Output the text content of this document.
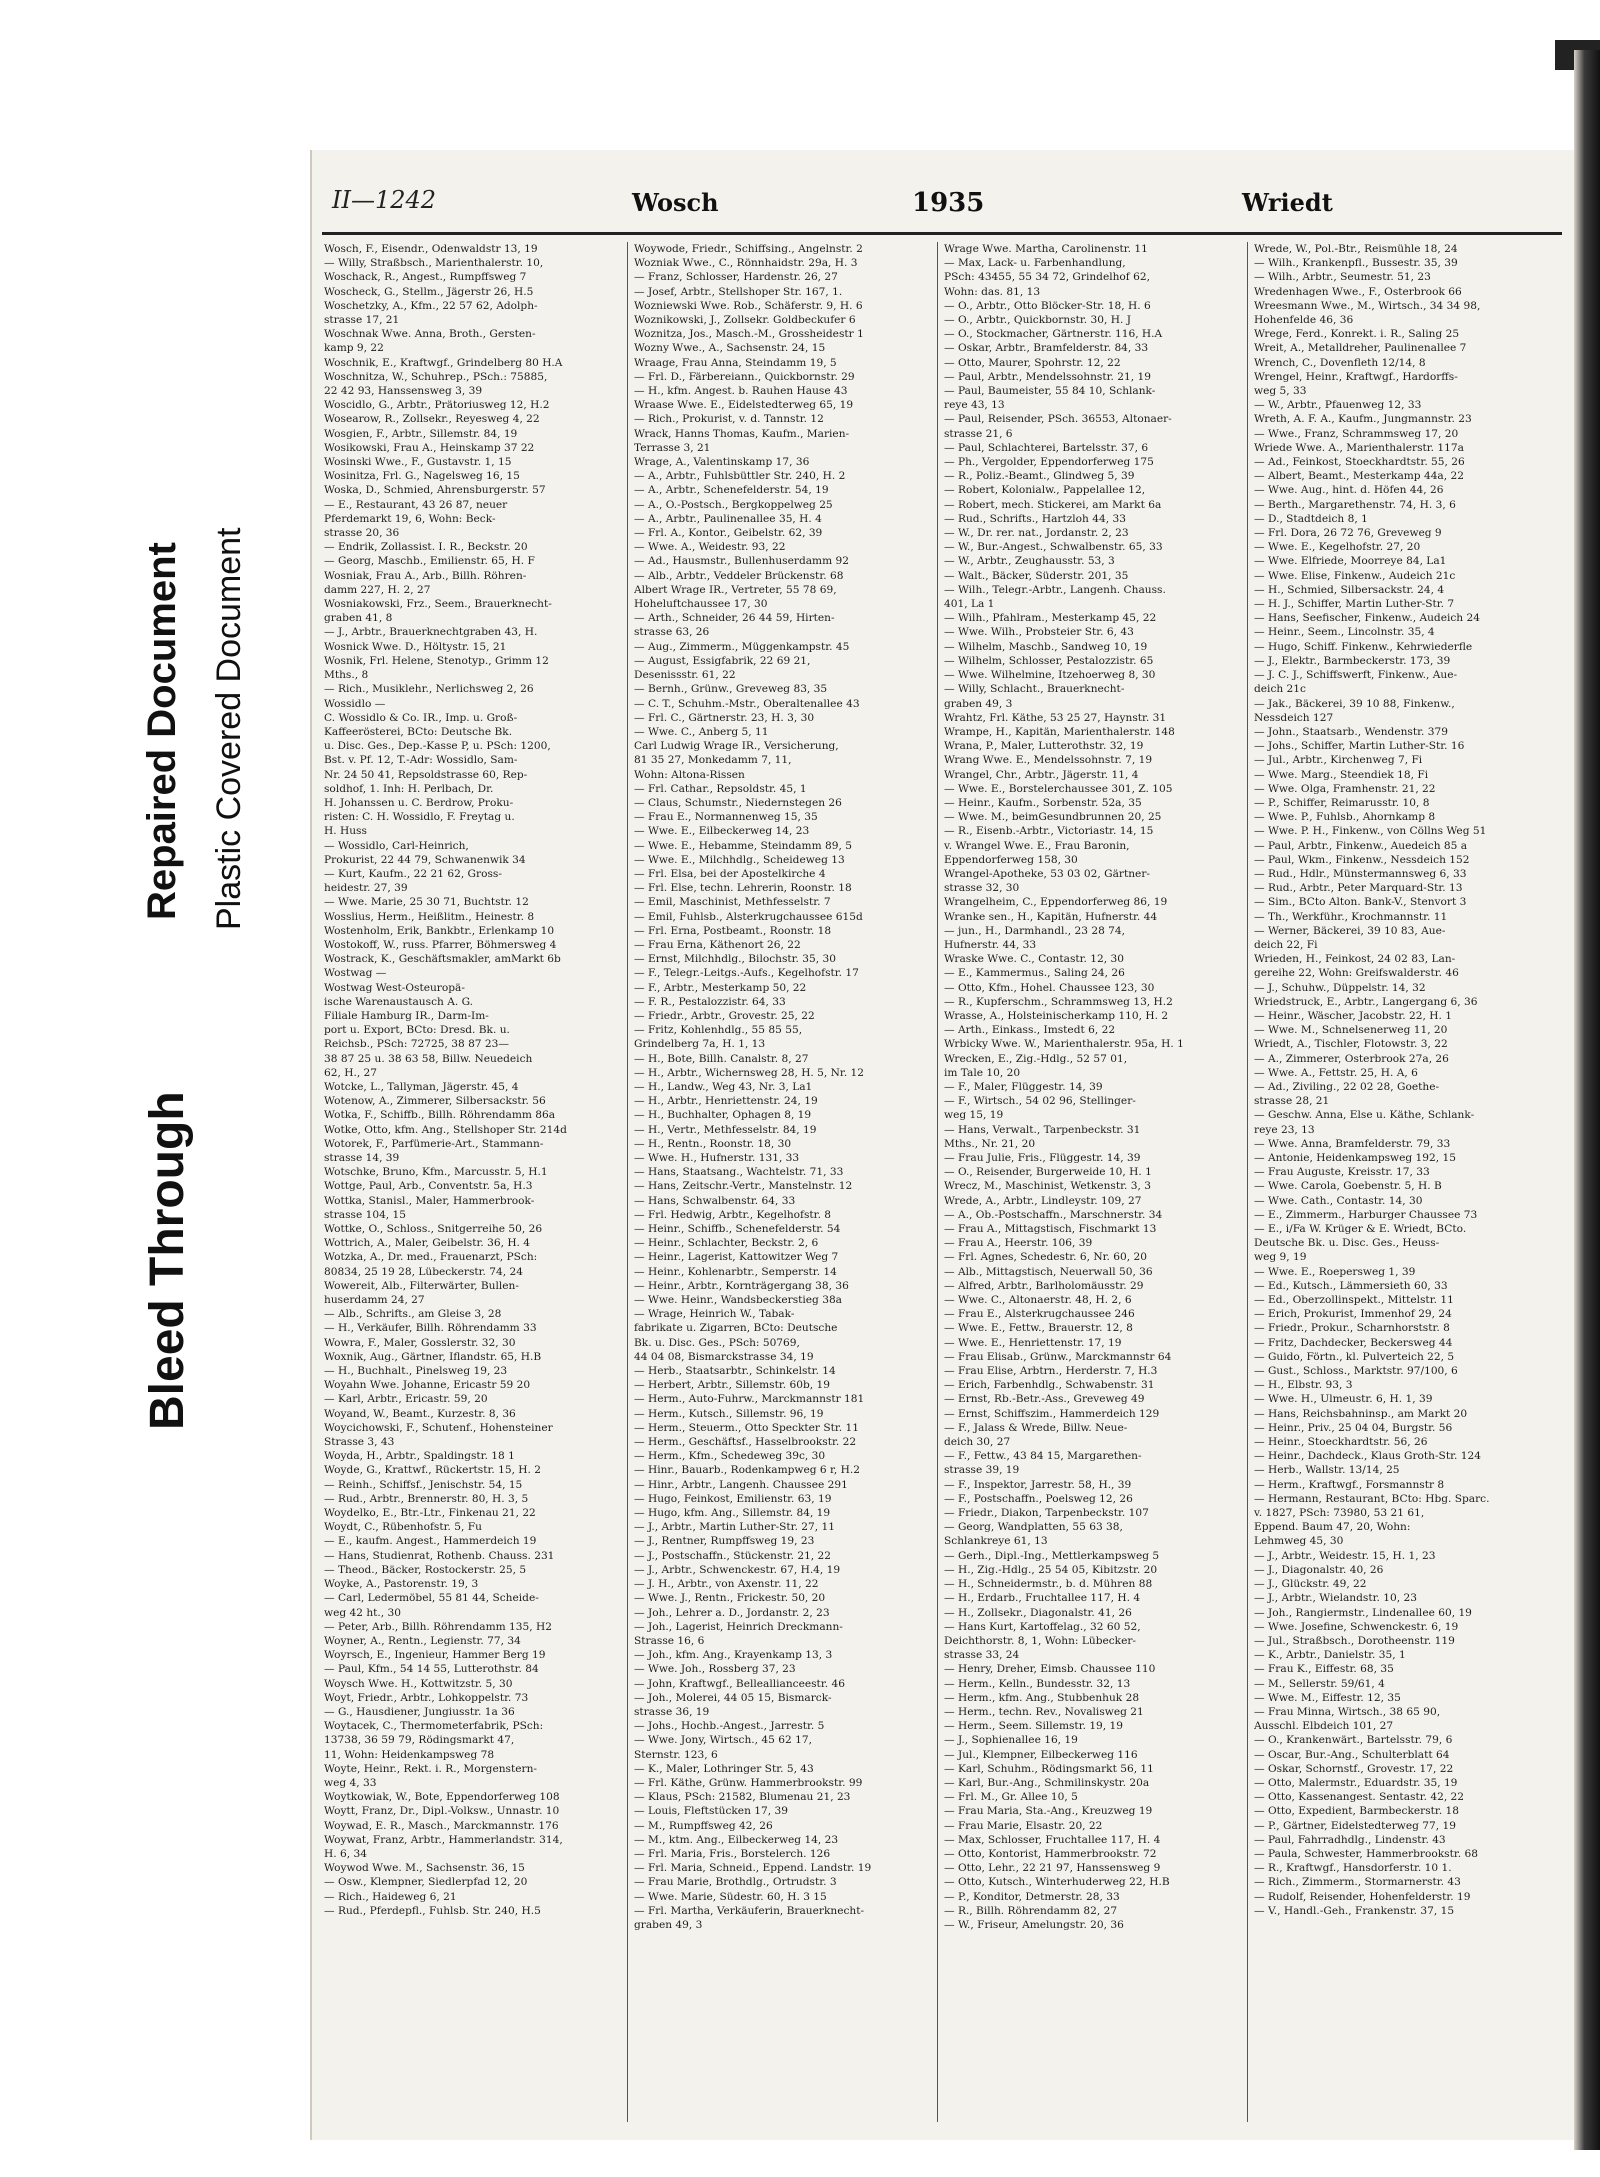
Bleed Through
Repaired Document Plastic Covered Document
II—1242	Wosch	1935	Wriedt
Wosch, F., Eisendr., Odenwaldstr 13, 19
— Willy, Straßbsch., Marienthalerstr. 10,
Woschack, R., Angest., Rumpffsweg 7
Woscheck, G., Stellm., Jägerstr 26, H.5
Woschetzky, A., Kfm., 22 57 62, Adolph-
strasse 17, 21
Woschnak Wwe. Anna, Broth., Gersten-
kamp 9, 22
Woschnik, E., Kraftwgf., Grindelberg 80 H.A
Woschnitza, W., Schuhrep., PSch.: 75885,
22 42 93, Hanssensweg 3, 39
Woscidlo, G., Arbtr., Prätoriusweg 12, H.2
Wosearow, R., Zollsekr., Reyesweg 4, 22
Wosgien, F., Arbtr., Sillemstr. 84, 19
Wosikowski, Frau A., Heinskamp 37 22
Wosinski Wwe., F., Gustavstr. 1, 15
Wosinitza, Frl. G., Nagelsweg 16, 15
Woska, D., Schmied, Ahrensburgerstr. 57
— E., Restaurant, 43 26 87, neuer
Pferdemarkt 19, 6, Wohn: Beck-
strasse 20, 36
— Endrik, Zollassist. I. R., Beckstr. 20
— Georg, Maschb., Emilienstr. 65, H. F
Wosniak, Frau A., Arb., Billh. Röhren-
damm 227, H. 2, 27
Wosniakowski, Frz., Seem., Brauerknecht-
graben 41, 8
— J., Arbtr., Brauerknechtgraben 43, H.
Wosnick Wwe. D., Höltystr. 15, 21
Wosnik, Frl. Helene, Stenotyp., Grimm 12
Mths., 8
— Rich., Musiklehr., Nerlichsweg 2, 26
Wossidlo —
C. Wossidlo & Co. IR., Imp. u. Groß-
Kaffeerösterei, BCto: Deutsche Bk.
u. Disc. Ges., Dep.-Kasse P, u. PSch: 1200,
Bst. v. Pf. 12, T.-Adr: Wossidlo, Sam-
Nr. 24 50 41, Repsoldstrasse 60, Rep-
soldhof, 1. Inh: H. Perlbach, Dr.
H. Johanssen u. C. Berdrow, Proku-
risten: C. H. Wossidlo, F. Freytag u.
H. Huss
— Wossidlo, Carl-Heinrich,
Prokurist, 22 44 79, Schwanenwik 34
— Kurt, Kaufm., 22 21 62, Gross-
heidestr. 27, 39
— Wwe. Marie, 25 30 71, Buchtstr. 12
Wosslius, Herm., Heißlitm., Heinestr. 8
Wostenholm, Erik, Bankbtr., Erlenkamp 10
Wostokoff, W., russ. Pfarrer, Böhmersweg 4
Wostrack, K., Geschäftsmakler, amMarkt 6b
Wostwag —
Wostwag West-Osteuropä-
ische Warenaustausch A. G.
Filiale Hamburg IR., Darm-Im-
port u. Export, BCto: Dresd. Bk. u.
Reichsb., PSch: 72725, 38 87 23—
38 87 25 u. 38 63 58, Billw. Neuedeich
62, H., 27
Wotcke, L., Tallyman, Jägerstr. 45, 4
Wotenow, A., Zimmerer, Silbersackstr. 56
Wotka, F., Schiffb., Billh. Röhrendamm 86a
Wotke, Otto, kfm. Ang., Stellshoper Str. 214d
Wotorek, F., Parfümerie-Art., Stammann-
strasse 14, 39
Wotschke, Bruno, Kfm., Marcusstr. 5, H.1
Wottge, Paul, Arb., Conventstr. 5a, H.3
Wottka, Stanisl., Maler, Hammerbrook-
strasse 104, 15
Wottke, O., Schloss., Snitgerreihe 50, 26
Wottrich, A., Maler, Geibelstr. 36, H. 4
Wotzka, A., Dr. med., Frauenarzt, PSch:
80834, 25 19 28, Lübeckerstr. 74, 24
Wowereit, Alb., Filterwärter, Bullen-
huserdamm 24, 27
— Alb., Schrifts., am Gleise 3, 28
— H., Verkäufer, Billh. Röhrendamm 33
Wowra, F., Maler, Gosslerstr. 32, 30
Woxnik, Aug., Gärtner, Iflandstr. 65, H.B
— H., Buchhalt., Pinelsweg 19, 23
Woyahn Wwe. Johanne, Ericastr 59 20
— Karl, Arbtr., Ericastr. 59, 20
Woyand, W., Beamt., Kurzestr. 8, 36
Woycichowski, F., Schutenf., Hohensteiner
Strasse 3, 43
Woyda, H., Arbtr., Spaldingstr. 18 1
Woyde, G., Krattwf., Rückertstr. 15, H. 2
— Reinh., Schiffsf., Jenischstr. 54, 15
— Rud., Arbtr., Brennerstr. 80, H. 3, 5
Woydelko, E., Btr.-Ltr., Finkenau 21, 22
Woydt, C., Rübenhofstr. 5, Fu
— E., kaufm. Angest., Hammerdeich 19
— Hans, Studienrat, Rothenb. Chauss. 231
— Theod., Bäcker, Rostockerstr. 25, 5
Woyke, A., Pastorenstr. 19, 3
— Carl, Ledermöbel, 55 81 44, Scheide-
weg 42 ht., 30
— Peter, Arb., Billh. Röhrendamm 135, H2
Woyner, A., Rentn., Legienstr. 77, 34
Woyrsch, E., Ingenieur, Hammer Berg 19
— Paul, Kfm., 54 14 55, Lutterothstr. 84
Woysch Wwe. H., Kottwitzstr. 5, 30
Woyt, Friedr., Arbtr., Lohkoppelstr. 73
— G., Hausdiener, Jungiusstr. 1a 36
Woytacek, C., Thermometerfabrik, PSch:
13738, 36 59 79, Rödingsmarkt 47,
11, Wohn: Heidenkampsweg 78
Woyte, Heinr., Rekt. i. R., Morgenstern-
weg 4, 33
Woytkowiak, W., Bote, Eppendorferweg 108
Woytt, Franz, Dr., Dipl.-Volksw., Unnastr. 10
Woywad, E. R., Masch., Marckmannstr. 176
Woywat, Franz, Arbtr., Hammerlandstr. 314,
H. 6, 34
Woywod Wwe. M., Sachsenstr. 36, 15
— Osw., Klempner, Siedlerpfad 12, 20
— Rich., Haideweg 6, 21
— Rud., Pferdepfl., Fuhlsb. Str. 240, H.5
Woywode, Friedr., Schiffsing., Angelnstr. 2
Wozniak Wwe., C., Rönnhaidstr. 29a, H. 3
— Franz, Schlosser, Hardenstr. 26, 27
— Josef, Arbtr., Stellshoper Str. 167, 1.
Wozniewski Wwe. Rob., Schäferstr. 9, H. 6
Woznikowski, J., Zollsekr. Goldbeckufer 6
Woznitza, Jos., Masch.-M., Grossheidestr 1
Wozny Wwe., A., Sachsenstr. 24, 15
Wraage, Frau Anna, Steindamm 19, 5
— Frl. D., Färbereiann., Quickbornstr. 29
— H., kfm. Angest. b. Rauhen Hause 43
Wraase Wwe. E., Eidelstedterweg 65, 19
— Rich., Prokurist, v. d. Tannstr. 12
Wrack, Hanns Thomas, Kaufm., Marien-
Terrasse 3, 21
Wrage, A., Valentinskamp 17, 36
— A., Arbtr., Fuhlsbüttler Str. 240, H. 2
— A., Arbtr., Schenefelderstr. 54, 19
— A., O.-Postsch., Bergkoppelweg 25
— A., Arbtr., Paulinenallee 35, H. 4
— Frl. A., Kontor., Geibelstr. 62, 39
— Wwe. A., Weidestr. 93, 22
— Ad., Hausmstr., Bullenhuserdamm 92
— Alb., Arbtr., Veddeler Brückenstr. 68
Albert Wrage IR., Vertreter, 55 78 69,
Hoheluftchaussee 17, 30
— Arth., Schneider, 26 44 59, Hirten-
strasse 63, 26
— Aug., Zimmerm., Müggenkampstr. 45
— August, Essigfabrik, 22 69 21,
Desenissstr. 61, 22
— Bernh., Grünw., Greveweg 83, 35
— C. T., Schuhm.-Mstr., Oberaltenallee 43
— Frl. C., Gärtnerstr. 23, H. 3, 30
— Wwe. C., Anberg 5, 11
Carl Ludwig Wrage IR., Versicherung,
81 35 27, Monkedamm 7, 11,
Wohn: Altona-Rissen
— Frl. Cathar., Repsoldstr. 45, 1
— Claus, Schumstr., Niedernstegen 26
— Frau E., Normannenweg 15, 35
— Wwe. E., Eilbeckerweg 14, 23
— Wwe. E., Hebamme, Steindamm 89, 5
— Wwe. E., Milchhdlg., Scheideweg 13
— Frl. Elsa, bei der Apostelkirche 4
— Frl. Else, techn. Lehrerin, Roonstr. 18
— Emil, Maschinist, Methfesselstr. 7
— Emil, Fuhlsb., Alsterkrugchaussee 615d
— Frl. Erna, Postbeamt., Roonstr. 18
— Frau Erna, Käthenort 26, 22
— Ernst, Milchhdlg., Bilochstr. 35, 30
— F., Telegr.-Leitgs.-Aufs., Kegelhofstr. 17
— F., Arbtr., Mesterkamp 50, 22
— F. R., Pestalozzistr. 64, 33
— Friedr., Arbtr., Grovestr. 25, 22
— Fritz, Kohlenhdlg., 55 85 55,
Grindelberg 7a, H. 1, 13
— H., Bote, Billh. Canalstr. 8, 27
— H., Arbtr., Wichernsweg 28, H. 5, Nr. 12
— H., Landw., Weg 43, Nr. 3, La1
— H., Arbtr., Henriettenstr. 24, 19
— H., Buchhalter, Ophagen 8, 19
— H., Vertr., Methfesselstr. 84, 19
— H., Rentn., Roonstr. 18, 30
— Wwe. H., Hufnerstr. 131, 33
— Hans, Staatsang., Wachtelstr. 71, 33
— Hans, Zeitschr.-Vertr., Manstelnstr. 12
— Hans, Schwalbenstr. 64, 33
— Frl. Hedwig, Arbtr., Kegelhofstr. 8
— Heinr., Schiffb., Schenefelderstr. 54
— Heinr., Schlachter, Beckstr. 2, 6
— Heinr., Lagerist, Kattowitzer Weg 7
— Heinr., Kohlenarbtr., Semperstr. 14
— Heinr., Arbtr., Kornträgergang 38, 36
— Wwe. Heinr., Wandsbeckerstieg 38a
— Wrage, Heinrich W., Tabak-
fabrikate u. Zigarren, BCto: Deutsche
Bk. u. Disc. Ges., PSch: 50769,
44 04 08, Bismarckstrasse 34, 19
— Herb., Staatsarbtr., Schinkelstr. 14
— Herbert, Arbtr., Sillemstr. 60b, 19
— Herm., Auto-Fuhrw., Marckmannstr 181
— Herm., Kutsch., Sillemstr. 96, 19
— Herm., Steuerm., Otto Speckter Str. 11
— Herm., Geschäftsf., Hasselbrookstr. 22
— Herm., Kfm., Schedeweg 39c, 30
— Hinr., Bauarb., Rodenkampweg 6 r, H.2
— Hinr., Arbtr., Langenh. Chaussee 291
— Hugo, Feinkost, Emilienstr. 63, 19
— Hugo, kfm. Ang., Sillemstr. 84, 19
— J., Arbtr., Martin Luther-Str. 27, 11
— J., Rentner, Rumpffsweg 19, 23
— J., Postschaffn., Stückenstr. 21, 22
— J., Arbtr., Schwenckestr. 67, H.4, 19
— J. H., Arbtr., von Axenstr. 11, 22
— Wwe. J., Rentn., Frickestr. 50, 20
— Joh., Lehrer a. D., Jordanstr. 2, 23
— Joh., Lagerist, Heinrich Dreckmann-
Strasse 16, 6
— Joh., kfm. Ang., Krayenkamp 13, 3
— Wwe. Joh., Rossberg 37, 23
— John, Kraftwgf., Belleallianceestr. 46
— Joh., Molerei, 44 05 15, Bismarck-
strasse 36, 19
— Johs., Hochb.-Angest., Jarrestr. 5
— Wwe. Jony, Wirtsch., 45 62 17,
Sternstr. 123, 6
— K., Maler, Lothringer Str. 5, 43
— Frl. Käthe, Grünw. Hammerbrookstr. 99
— Klaus, PSch: 21582, Blumenau 21, 23
— Louis, Fleftstücken 17, 39
— M., Rumpffsweg 42, 26
— M., ktm. Ang., Eilbeckerweg 14, 23
— Frl. Maria, Fris., Borstelerch. 126
— Frl. Maria, Schneid., Eppend. Landstr. 19
— Frau Marie, Brothdlg., Ortrudstr. 3
— Wwe. Marie, Südestr. 60, H. 3 15
— Frl. Martha, Verkäuferin, Brauerknecht-
graben 49, 3
Wrage Wwe. Martha, Carolinenstr. 11
— Max, Lack- u. Farbenhandlung,
PSch: 43455, 55 34 72, Grindelhof 62,
Wohn: das. 81, 13
— O., Arbtr., Otto Blöcker-Str. 18, H. 6
— O., Arbtr., Quickbornstr. 30, H. J
— O., Stockmacher, Gärtnerstr. 116, H.A
— Oskar, Arbtr., Bramfelderstr. 84, 33
— Otto, Maurer, Spohrstr. 12, 22
— Paul, Arbtr., Mendelssohnstr. 21, 19
— Paul, Baumeister, 55 84 10, Schlank-
reye 43, 13
— Paul, Reisender, PSch. 36553, Altonaer-
strasse 21, 6
— Paul, Schlachterei, Bartelsstr. 37, 6
— Ph., Vergolder, Eppendorferweg 175
— R., Poliz.-Beamt., Glindweg 5, 39
— Robert, Kolonialw., Pappelallee 12,
— Robert, mech. Stickerei, am Markt 6a
— Rud., Schrifts., Hartzloh 44, 33
— W., Dr. rer. nat., Jordanstr. 2, 23
— W., Bur.-Angest., Schwalbenstr. 65, 33
— W., Arbtr., Zeughausstr. 53, 3
— Walt., Bäcker, Süderstr. 201, 35
— Wilh., Telegr.-Arbtr., Langenh. Chauss.
401, La 1
— Wilh., Pfahlram., Mesterkamp 45, 22
— Wwe. Wilh., Probsteier Str. 6, 43
— Wilhelm, Maschb., Sandweg 10, 19
— Wilhelm, Schlosser, Pestalozzistr. 65
— Wwe. Wilhelmine, Itzehoerweg 8, 30
— Willy, Schlacht., Brauerknecht-
graben 49, 3
Wrahtz, Frl. Käthe, 53 25 27, Haynstr. 31
Wrampe, H., Kapitän, Marienthalerstr. 148
Wrana, P., Maler, Lutterothstr. 32, 19
Wrang Wwe. E., Mendelssohnstr. 7, 19
Wrangel, Chr., Arbtr., Jägerstr. 11, 4
— Wwe. E., Borstelerchaussee 301, Z. 105
— Heinr., Kaufm., Sorbenstr. 52a, 35
— Wwe. M., beimGesundbrunnen 20, 25
— R., Eisenb.-Arbtr., Victoriastr. 14, 15
v. Wrangel Wwe. E., Frau Baronin,
Eppendorferweg 158, 30
Wrangel-Apotheke, 53 03 02, Gärtner-
strasse 32, 30
Wrangelheim, C., Eppendorferweg 86, 19
Wranke sen., H., Kapitän, Hufnerstr. 44
— jun., H., Darmhandl., 23 28 74,
Hufnerstr. 44, 33
Wraske Wwe. C., Contastr. 12, 30
— E., Kammermus., Saling 24, 26
— Otto, Kfm., Hohel. Chaussee 123, 30
— R., Kupferschm., Schrammsweg 13, H.2
Wrasse, A., Holsteinischerkamp 110, H. 2
— Arth., Einkass., Imstedt 6, 22
Wrbicky Wwe. W., Marienthalerstr. 95a, H. 1
Wrecken, E., Zig.-Hdlg., 52 57 01,
im Tale 10, 20
— F., Maler, Flüggestr. 14, 39
— F., Wirtsch., 54 02 96, Stellinger-
weg 15, 19
— Hans, Verwalt., Tarpenbeckstr. 31
Mths., Nr. 21, 20
— Frau Julie, Fris., Flüggestr. 14, 39
— O., Reisender, Burgerweide 10, H. 1
Wrecz, M., Maschinist, Wetkenstr. 3, 3
Wrede, A., Arbtr., Lindleystr. 109, 27
— A., Ob.-Postschaffn., Marschnerstr. 34
— Frau A., Mittagstisch, Fischmarkt 13
— Frau A., Heerstr. 106, 39
— Frl. Agnes, Schedestr. 6, Nr. 60, 20
— Alb., Mittagstisch, Neuerwall 50, 36
— Alfred, Arbtr., Barlholomäusstr. 29
— Wwe. C., Altonaerstr. 48, H. 2, 6
— Frau E., Alsterkrugchaussee 246
— Wwe. E., Fettw., Brauerstr. 12, 8
— Wwe. E., Henriettenstr. 17, 19
— Frau Elisab., Grünw., Marckmannstr 64
— Frau Elise, Arbtrn., Herderstr. 7, H.3
— Erich, Farbenhdlg., Schwabenstr. 31
— Ernst, Rb.-Betr.-Ass., Greveweg 49
— Ernst, Schiffszim., Hammerdeich 129
— F., Jalass & Wrede, Billw. Neue-
deich 30, 27
— F., Fettw., 43 84 15, Margarethen-
strasse 39, 19
— F., Inspektor, Jarrestr. 58, H., 39
— F., Postschaffn., Poelsweg 12, 26
— Friedr., Diakon, Tarpenbeckstr. 107
— Georg, Wandplatten, 55 63 38,
Schlankreye 61, 13
— Gerh., Dipl.-Ing., Mettlerkampsweg 5
— H., Zig.-Hdlg., 25 54 05, Kibitzstr. 20
— H., Schneidermstr., b. d. Mühren 88
— H., Erdarb., Fruchtallee 117, H. 4
— H., Zollsekr., Diagonalstr. 41, 26
— Hans Kurt, Kartoffelag., 32 60 52,
Deichthorstr. 8, 1, Wohn: Lübecker-
strasse 33, 24
— Henry, Dreher, Eimsb. Chaussee 110
— Herm., Kelln., Bundesstr. 32, 13
— Herm., kfm. Ang., Stubbenhuk 28
— Herm., techn. Rev., Novalisweg 21
— Herm., Seem. Sillemstr. 19, 19
— J., Sophienallee 16, 19
— Jul., Klempner, Eilbeckerweg 116
— Karl, Schuhm., Rödingsmarkt 56, 11
— Karl, Bur.-Ang., Schmilinskystr. 20a
— Frl. M., Gr. Allee 10, 5
— Frau Maria, Sta.-Ang., Kreuzweg 19
— Frau Marie, Elsastr. 20, 22
— Max, Schlosser, Fruchtallee 117, H. 4
— Otto, Kontorist, Hammerbrookstr. 72
— Otto, Lehr., 22 21 97, Hanssensweg 9
— Otto, Kutsch., Winterhuderweg 22, H.B
— P., Konditor, Detmerstr. 28, 33
— R., Billh. Röhrendamm 82, 27
— W., Friseur, Amelungstr. 20, 36
Wrede, W., Pol.-Btr., Reismühle 18, 24
— Wilh., Krankenpfl., Bussestr. 35, 39
— Wilh., Arbtr., Seumestr. 51, 23
Wredenhagen Wwe., F., Osterbrook 66
Wreesmann Wwe., M., Wirtsch., 34 34 98,
Hohenfelde 46, 36
Wrege, Ferd., Konrekt. i. R., Saling 25
Wreit, A., Metalldreher, Paulinenallee 7
Wrench, C., Dovenfleth 12/14, 8
Wrengel, Heinr., Kraftwgf., Hardorffs-
weg 5, 33
— W., Arbtr., Pfauenweg 12, 33
Wreth, A. F. A., Kaufm., Jungmannstr. 23
— Wwe., Franz, Schrammsweg 17, 20
Wriede Wwe. A., Marienthalerstr. 117a
— Ad., Feinkost, Stoeckhardtstr. 55, 26
— Albert, Beamt., Mesterkamp 44a, 22
— Wwe. Aug., hint. d. Höfen 44, 26
— Berth., Margarethenstr. 74, H. 3, 6
— D., Stadtdeich 8, 1
— Frl. Dora, 26 72 76, Greveweg 9
— Wwe. E., Kegelhofstr. 27, 20
— Wwe. Elfriede, Moorreye 84, La1
— Wwe. Elise, Finkenw., Audeich 21c
— H., Schmied, Silbersackstr. 24, 4
— H. J., Schiffer, Martin Luther-Str. 7
— Hans, Seefischer, Finkenw., Audeich 24
— Heinr., Seem., Lincolnstr. 35, 4
— Hugo, Schiff. Finkenw., Kehrwiederfle
— J., Elektr., Barmbeckerstr. 173, 39
— J. C. J., Schiffswerft, Finkenw., Aue-
deich 21c
— Jak., Bäckerei, 39 10 88, Finkenw.,
Nessdeich 127
— John., Staatsarb., Wendenstr. 379
— Johs., Schiffer, Martin Luther-Str. 16
— Jul., Arbtr., Kirchenweg 7, Fi
— Wwe. Marg., Steendiek 18, Fi
— Wwe. Olga, Framhenstr. 21, 22
— P., Schiffer, Reimarusstr. 10, 8
— Wwe. P., Fuhlsb., Ahornkamp 8
— Wwe. P. H., Finkenw., von Cöllns Weg 51
— Paul, Arbtr., Finkenw., Auedeich 85 a
— Paul, Wkm., Finkenw., Nessdeich 152
— Rud., Hdlr., Münstermannsweg 6, 33
— Rud., Arbtr., Peter Marquard-Str. 13
— Sim., BCto Alton. Bank-V., Stenvort 3
— Th., Werkführ., Krochmannstr. 11
— Werner, Bäckerei, 39 10 83, Aue-
deich 22, Fi
Wrieden, H., Feinkost, 24 02 83, Lan-
gereihe 22, Wohn: Greifswalderstr. 46
— J., Schuhw., Düppelstr. 14, 32
Wriedstruck, E., Arbtr., Langergang 6, 36
— Heinr., Wäscher, Jacobstr. 22, H. 1
— Wwe. M., Schnelsenerweg 11, 20
Wriedt, A., Tischler, Flotowstr. 3, 22
— A., Zimmerer, Osterbrook 27a, 26
— Wwe. A., Fettstr. 25, H. A, 6
— Ad., Ziviling., 22 02 28, Goethe-
strasse 28, 21
— Geschw. Anna, Else u. Käthe, Schlank-
reye 23, 13
— Wwe. Anna, Bramfelderstr. 79, 33
— Antonie, Heidenkampsweg 192, 15
— Frau Auguste, Kreisstr. 17, 33
— Wwe. Carola, Goebenstr. 5, H. B
— Wwe. Cath., Contastr. 14, 30
— E., Zimmerm., Harburger Chaussee 73
— E., i/Fa W. Krüger & E. Wriedt, BCto.
Deutsche Bk. u. Disc. Ges., Heuss-
weg 9, 19
— Wwe. E., Roepersweg 1, 39
— Ed., Kutsch., Lämmersieth 60, 33
— Ed., Oberzollinspekt., Mittelstr. 11
— Erich, Prokurist, Immenhof 29, 24
— Friedr., Prokur., Scharnhorststr. 8
— Fritz, Dachdecker, Beckersweg 44
— Guido, Förtn., kl. Pulverteich 22, 5
— Gust., Schloss., Marktstr. 97/100, 6
— H., Elbstr. 93, 3
— Wwe. H., Ulmeustr. 6, H. 1, 39
— Hans, Reichsbahninsp., am Markt 20
— Heinr., Priv., 25 04 04, Burgstr. 56
— Heinr., Stoeckhardtstr. 56, 26
— Heinr., Dachdeck., Klaus Groth-Str. 124
— Herb., Wallstr. 13/14, 25
— Herm., Kraftwgf., Forsmannstr 8
— Hermann, Restaurant, BCto: Hbg. Sparc.
v. 1827, PSch: 73980, 53 21 61,
Eppend. Baum 47, 20, Wohn:
Lehmweg 45, 30
— J., Arbtr., Weidestr. 15, H. 1, 23
— J., Diagonalstr. 40, 26
— J., Glückstr. 49, 22
— J., Arbtr., Wielandstr. 10, 23
— Joh., Rangiermstr., Lindenallee 60, 19
— Wwe. Josefine, Schwenckestr. 6, 19
— Jul., Straßbsch., Dorotheenstr. 119
— K., Arbtr., Danielstr. 35, 1
— Frau K., Eiffestr. 68, 35
— M., Sellerstr. 59/61, 4
— Wwe. M., Eiffestr. 12, 35
— Frau Minna, Wirtsch., 38 65 90,
Ausschl. Elbdeich 101, 27
— O., Krankenwärt., Bartelsstr. 79, 6
— Oscar, Bur.-Ang., Schulterblatt 64
— Oskar, Schornstf., Grovestr. 17, 22
— Otto, Malermstr., Eduardstr. 35, 19
— Otto, Kassenangest. Sentastr. 42, 22
— Otto, Expedient, Barmbeckerstr. 18
— P., Gärtner, Eidelstedterweg 77, 19
— Paul, Fahrradhdlg., Lindenstr. 43
— Paula, Schwester, Hammerbrookstr. 68
— R., Kraftwgf., Hansdorferstr. 10 1.
— Rich., Zimmerm., Stormarnerstr. 43
— Rudolf, Reisender, Hohenfelderstr. 19
— V., Handl.-Geh., Frankenstr. 37, 15
